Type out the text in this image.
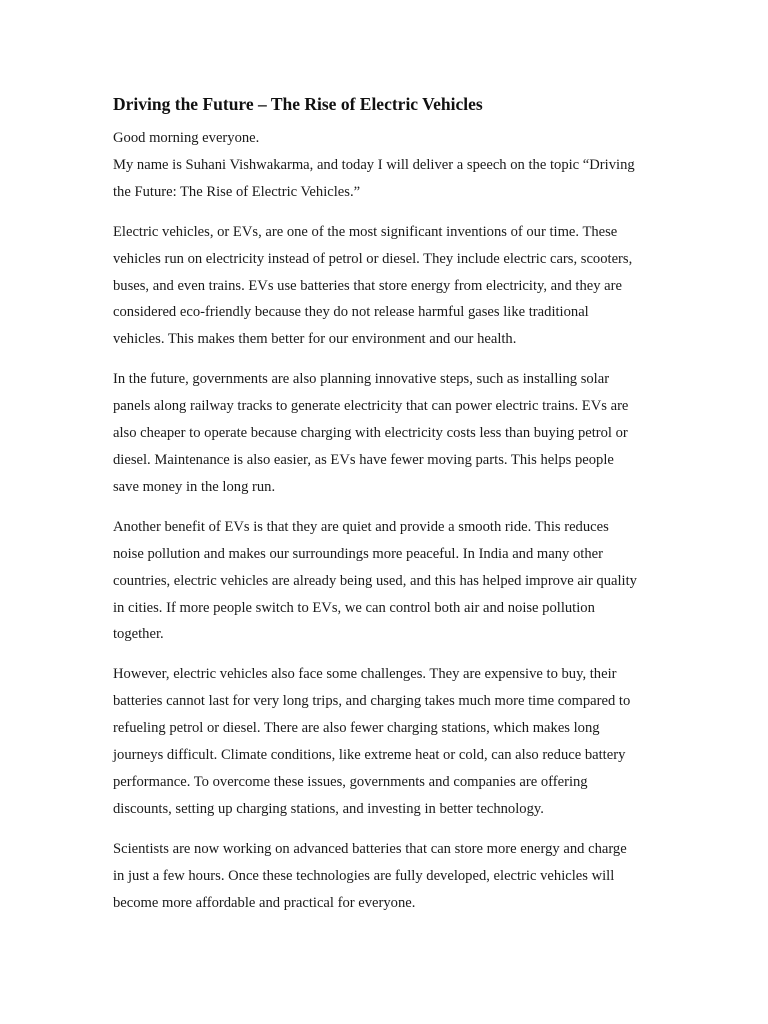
Driving the Future – The Rise of Electric Vehicles
Good morning everyone.
My name is Suhani Vishwakarma, and today I will deliver a speech on the topic “Driving
the Future: The Rise of Electric Vehicles.”
Electric vehicles, or EVs, are one of the most significant inventions of our time. These
vehicles run on electricity instead of petrol or diesel. They include electric cars, scooters,
buses, and even trains. EVs use batteries that store energy from electricity, and they are
considered eco-friendly because they do not release harmful gases like traditional
vehicles. This makes them better for our environment and our health.
In the future, governments are also planning innovative steps, such as installing solar
panels along railway tracks to generate electricity that can power electric trains. EVs are
also cheaper to operate because charging with electricity costs less than buying petrol or
diesel. Maintenance is also easier, as EVs have fewer moving parts. This helps people
save money in the long run.
Another benefit of EVs is that they are quiet and provide a smooth ride. This reduces
noise pollution and makes our surroundings more peaceful. In India and many other
countries, electric vehicles are already being used, and this has helped improve air quality
in cities. If more people switch to EVs, we can control both air and noise pollution
together.
However, electric vehicles also face some challenges. They are expensive to buy, their
batteries cannot last for very long trips, and charging takes much more time compared to
refueling petrol or diesel. There are also fewer charging stations, which makes long
journeys difficult. Climate conditions, like extreme heat or cold, can also reduce battery
performance. To overcome these issues, governments and companies are offering
discounts, setting up charging stations, and investing in better technology.
Scientists are now working on advanced batteries that can store more energy and charge
in just a few hours. Once these technologies are fully developed, electric vehicles will
become more affordable and practical for everyone.
